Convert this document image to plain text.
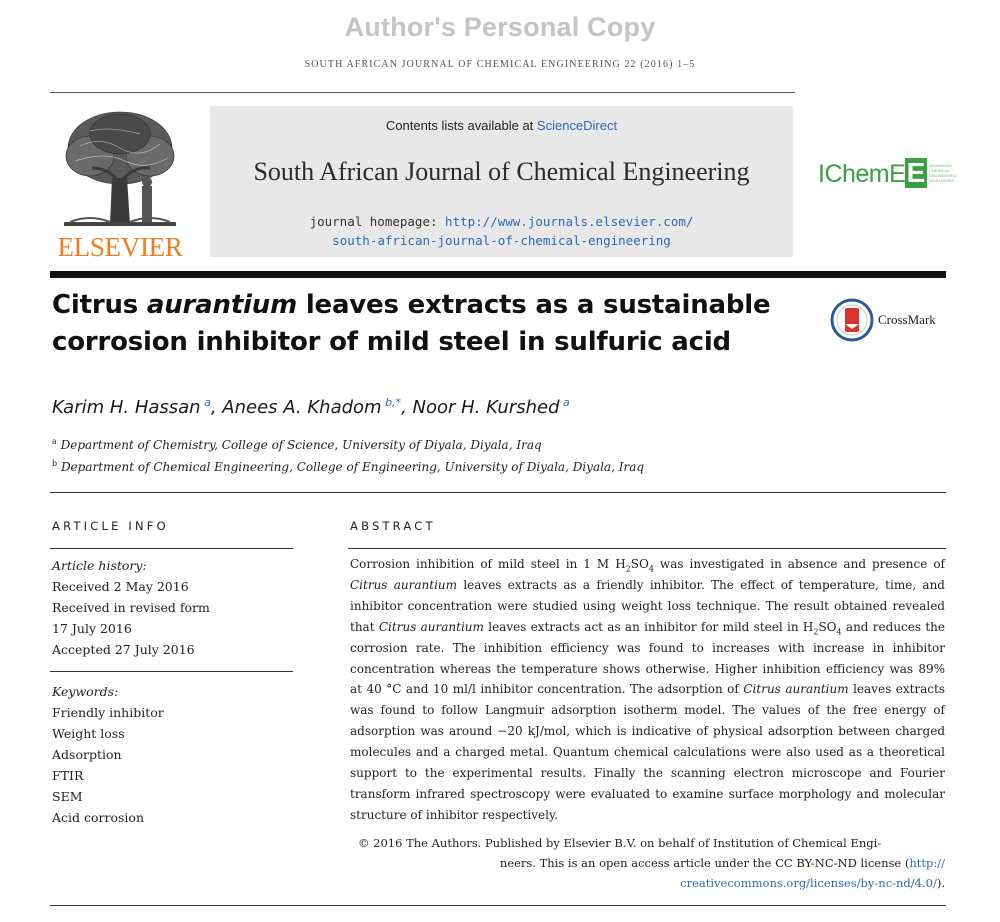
Author's Personal Copy
SOUTH AFRICAN JOURNAL OF CHEMICAL ENGINEERING 22 (2016) 1–5
ELSEVIER
Contents lists available at ScienceDirect
South African Journal of Chemical Engineering
journal homepage: http://www.journals.elsevier.com/
south-african-journal-of-chemical-engineering
IChemE E ADVANCING CHEMICAL ENGINEERING WORLDWIDE
Citrus aurantium leaves extracts as a sustainable corrosion inhibitor of mild steel in sulfuric acid
CrossMark
Karim H. Hassan $^a$, Anees A. Khadom $^{b,*}$, Noor H. Kurshed $^a$
$^a$ Department of Chemistry, College of Science, University of Diyala, Diyala, Iraq
$^b$ Department of Chemical Engineering, College of Engineering, University of Diyala, Diyala, Iraq
ARTICLE INFO
Article history:
Received 2 May 2016
Received in revised form
17 July 2016
Accepted 27 July 2016
Keywords:
Friendly inhibitor
Weight loss
Adsorption
FTIR
SEM
Acid corrosion
ABSTRACT

Corrosion inhibition of mild steel in 1 M $H_2SO_4$ was investigated in absence and presence of Citrus aurantium leaves extracts as a friendly inhibitor. The effect of temperature, time, and inhibitor concentration were studied using weight loss technique. The result obtained revealed that Citrus aurantium leaves extracts act as an inhibitor for mild steel in $H_2SO_4$ and reduces the corrosion rate. The inhibition efficiency was found to increases with increase in inhibitor concentration whereas the temperature shows otherwise. Higher inhibition efficiency was 89% at 40 °C and 10 ml/l inhibitor concentration. The adsorption of Citrus aurantium leaves extracts was found to follow Langmuir adsorption isotherm model. The values of the free energy of adsorption was around −20 kJ/mol, which is indicative of physical adsorption between charged molecules and a charged metal. Quantum chemical calculations were also used as a theoretical support to the experimental results. Finally the scanning electron microscope and Fourier transform infrared spectroscopy were evaluated to examine surface morphology and molecular structure of inhibitor respectively.

© 2016 The Authors. Published by Elsevier B.V. on behalf of Institution of Chemical Engi-
neers. This is an open access article under the CC BY-NC-ND license (http://
creativecommons.org/licenses/by-nc-nd/4.0/).
